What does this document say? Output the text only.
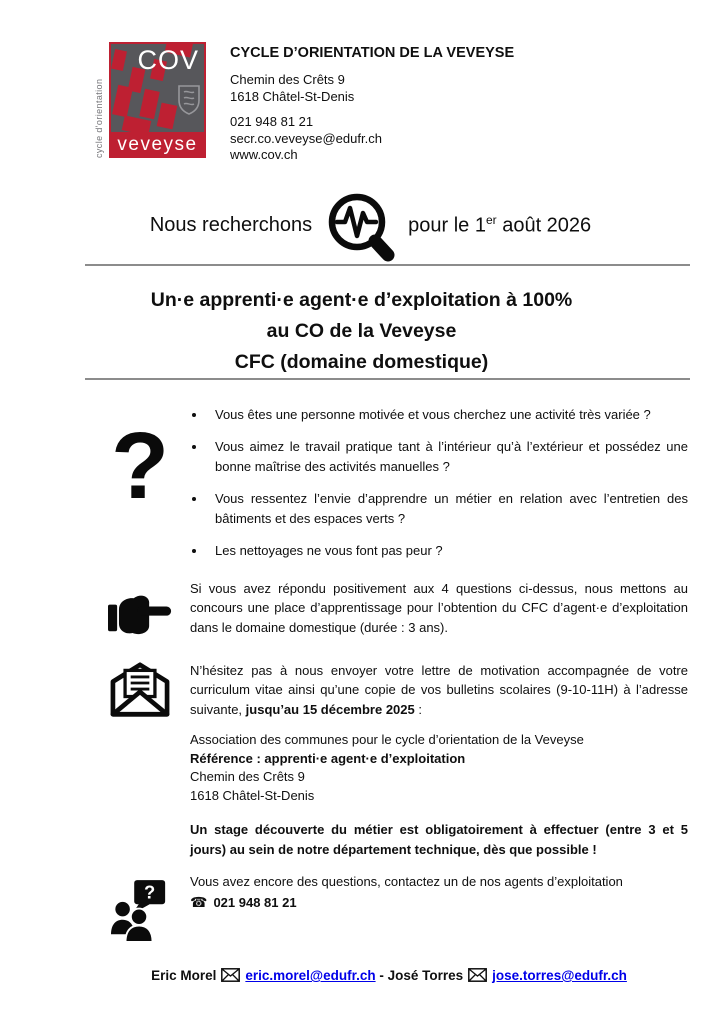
cycle d'orientation
COV
veveyse
CYCLE D’ORIENTATION DE LA VEVEYSE
Chemin des Crêts 9
1618 Châtel-St-Denis
021 948 81 21
secr.co.veveyse@edufr.ch
www.cov.ch
Nous recherchons	pour le 1er août 2026
Un·e apprenti·e agent·e d’exploitation à 100%
au CO de la Veveyse
CFC (domaine domestique)
?	• Vous êtes une personne motivée et vous cherchez une activité très variée ?
• Vous aimez le travail pratique tant à l’intérieur qu’à l’extérieur et possédez une bonne maîtrise des activités manuelles ?
• Vous ressentez l’envie d’apprendre un métier en relation avec l’entretien des bâtiments et des espaces verts ?
• Les nettoyages ne vous font pas peur ?
Si vous avez répondu positivement aux 4 questions ci-dessus, nous mettons au concours une place d’apprentissage pour l’obtention du CFC d’agent·e d’exploitation dans le domaine domestique (durée : 3 ans).
N’hésitez pas à nous envoyer votre lettre de motivation accompagnée de votre curriculum vitae ainsi qu’une copie de vos bulletins scolaires (9-10-11H) à l’adresse suivante, jusqu’au 15 décembre 2025 :
Association des communes pour le cycle d’orientation de la Veveyse
Référence : apprenti·e agent·e d’exploitation
Chemin des Crêts 9
1618 Châtel-St-Denis
Un stage découverte du métier est obligatoirement à effectuer (entre 3 et 5 jours) au sein de notre département technique, dès que possible !
?	Vous avez encore des questions, contactez un de nos agents d’exploitation
☎ 021 948 81 21
Eric Morel eric.morel@edufr.ch - José Torres jose.torres@edufr.ch
